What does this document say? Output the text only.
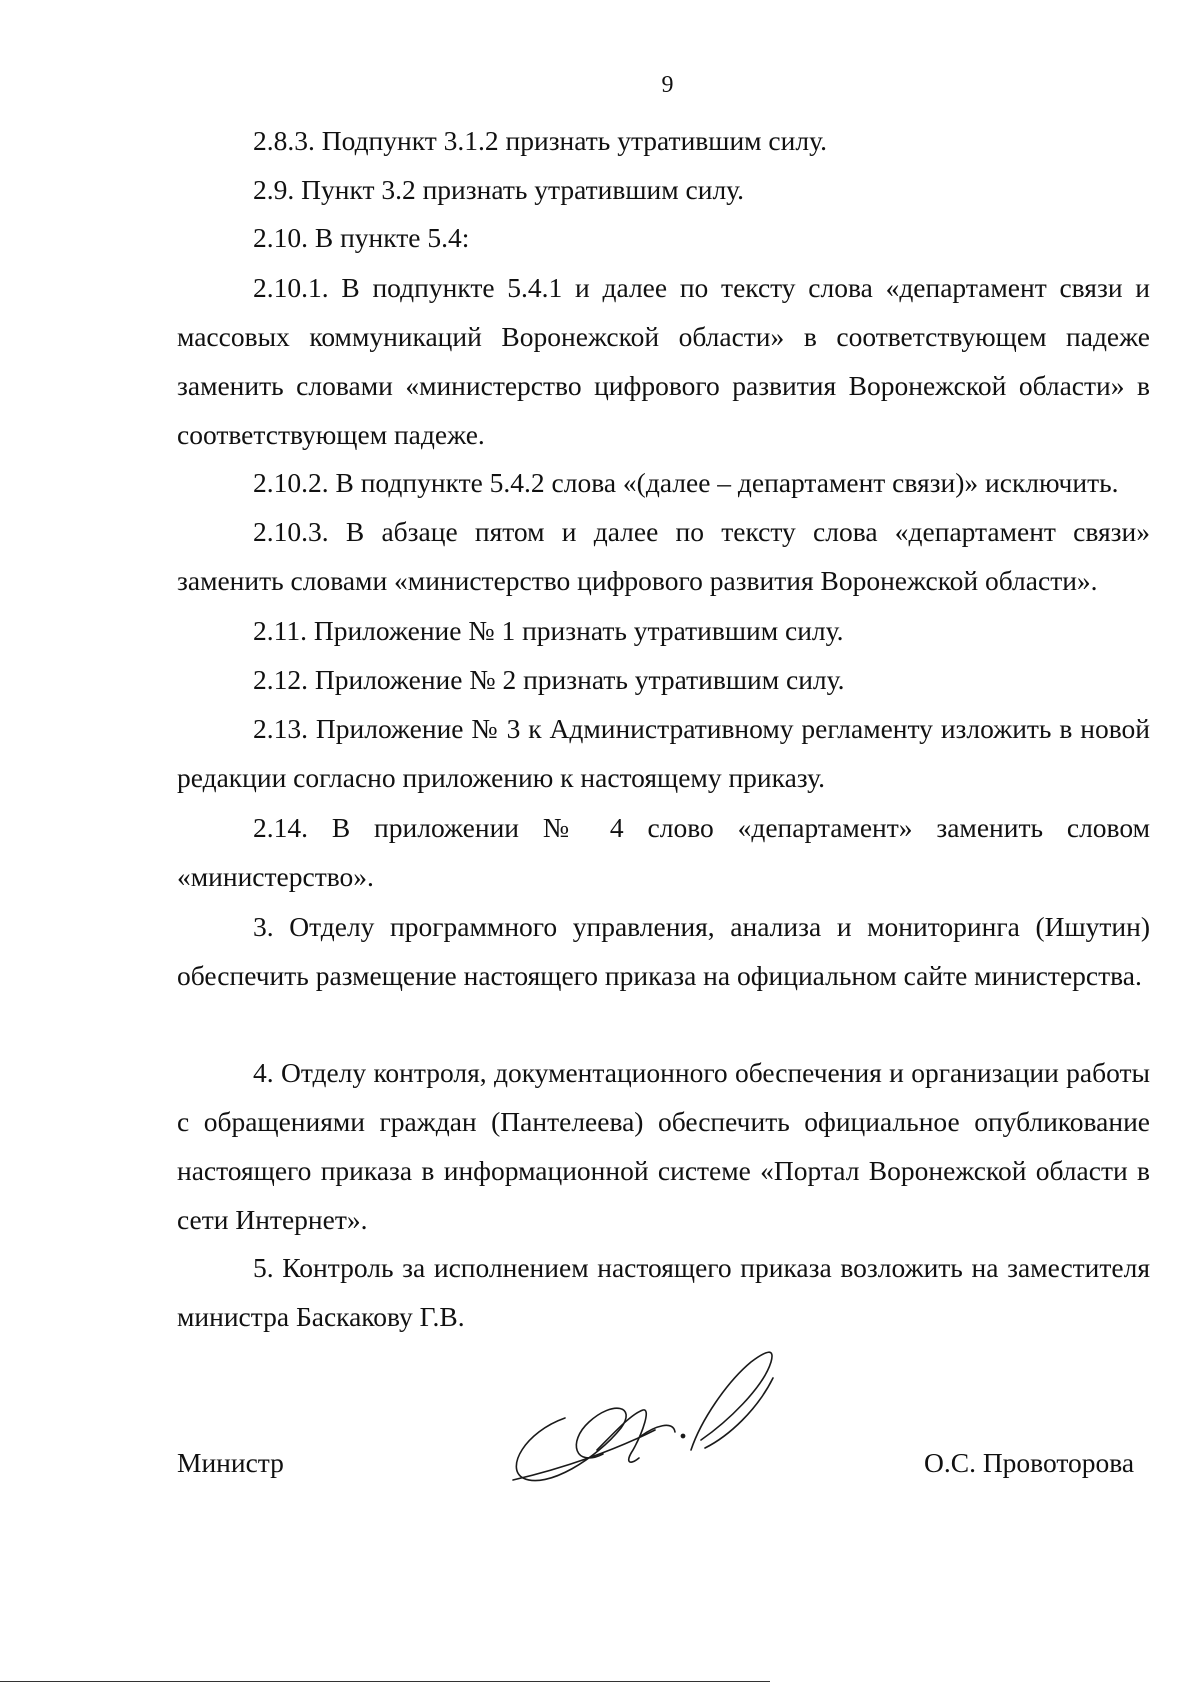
9

2.8.3. Подпункт 3.1.2 признать утратившим силу.

2.9. Пункт 3.2 признать утратившим силу.

2.10. В пункте 5.4:

2.10.1. В подпункте 5.4.1 и далее по тексту слова «департамент связи и массовых коммуникаций Воронежской области» в соответствующем падеже заменить словами «министерство цифрового развития Воронежской области» в соответствующем падеже.

2.10.2. В подпункте 5.4.2 слова «(далее – департамент связи)» исключить.

2.10.3. В абзаце пятом и далее по тексту слова «департамент связи» заменить словами «министерство цифрового развития Воронежской области».

2.11. Приложение № 1 признать утратившим силу.

2.12. Приложение № 2 признать утратившим силу.

2.13. Приложение № 3 к Административному регламенту изложить в новой редакции согласно приложению к настоящему приказу.

2.14. В приложении № 4 слово «департамент» заменить словом «министерство».

3. Отделу программного управления, анализа и мониторинга (Ишутин) обеспечить размещение настоящего приказа на официальном сайте министерства.

4. Отделу контроля, документационного обеспечения и организации работы с обращениями граждан (Пантелеева) обеспечить официальное опубликование настоящего приказа в информационной системе «Портал Воронежской области в сети Интернет».

5. Контроль за исполнением настоящего приказа возложить на заместителя министра Баскакову Г.В.

Министр	О.С. Провоторова
